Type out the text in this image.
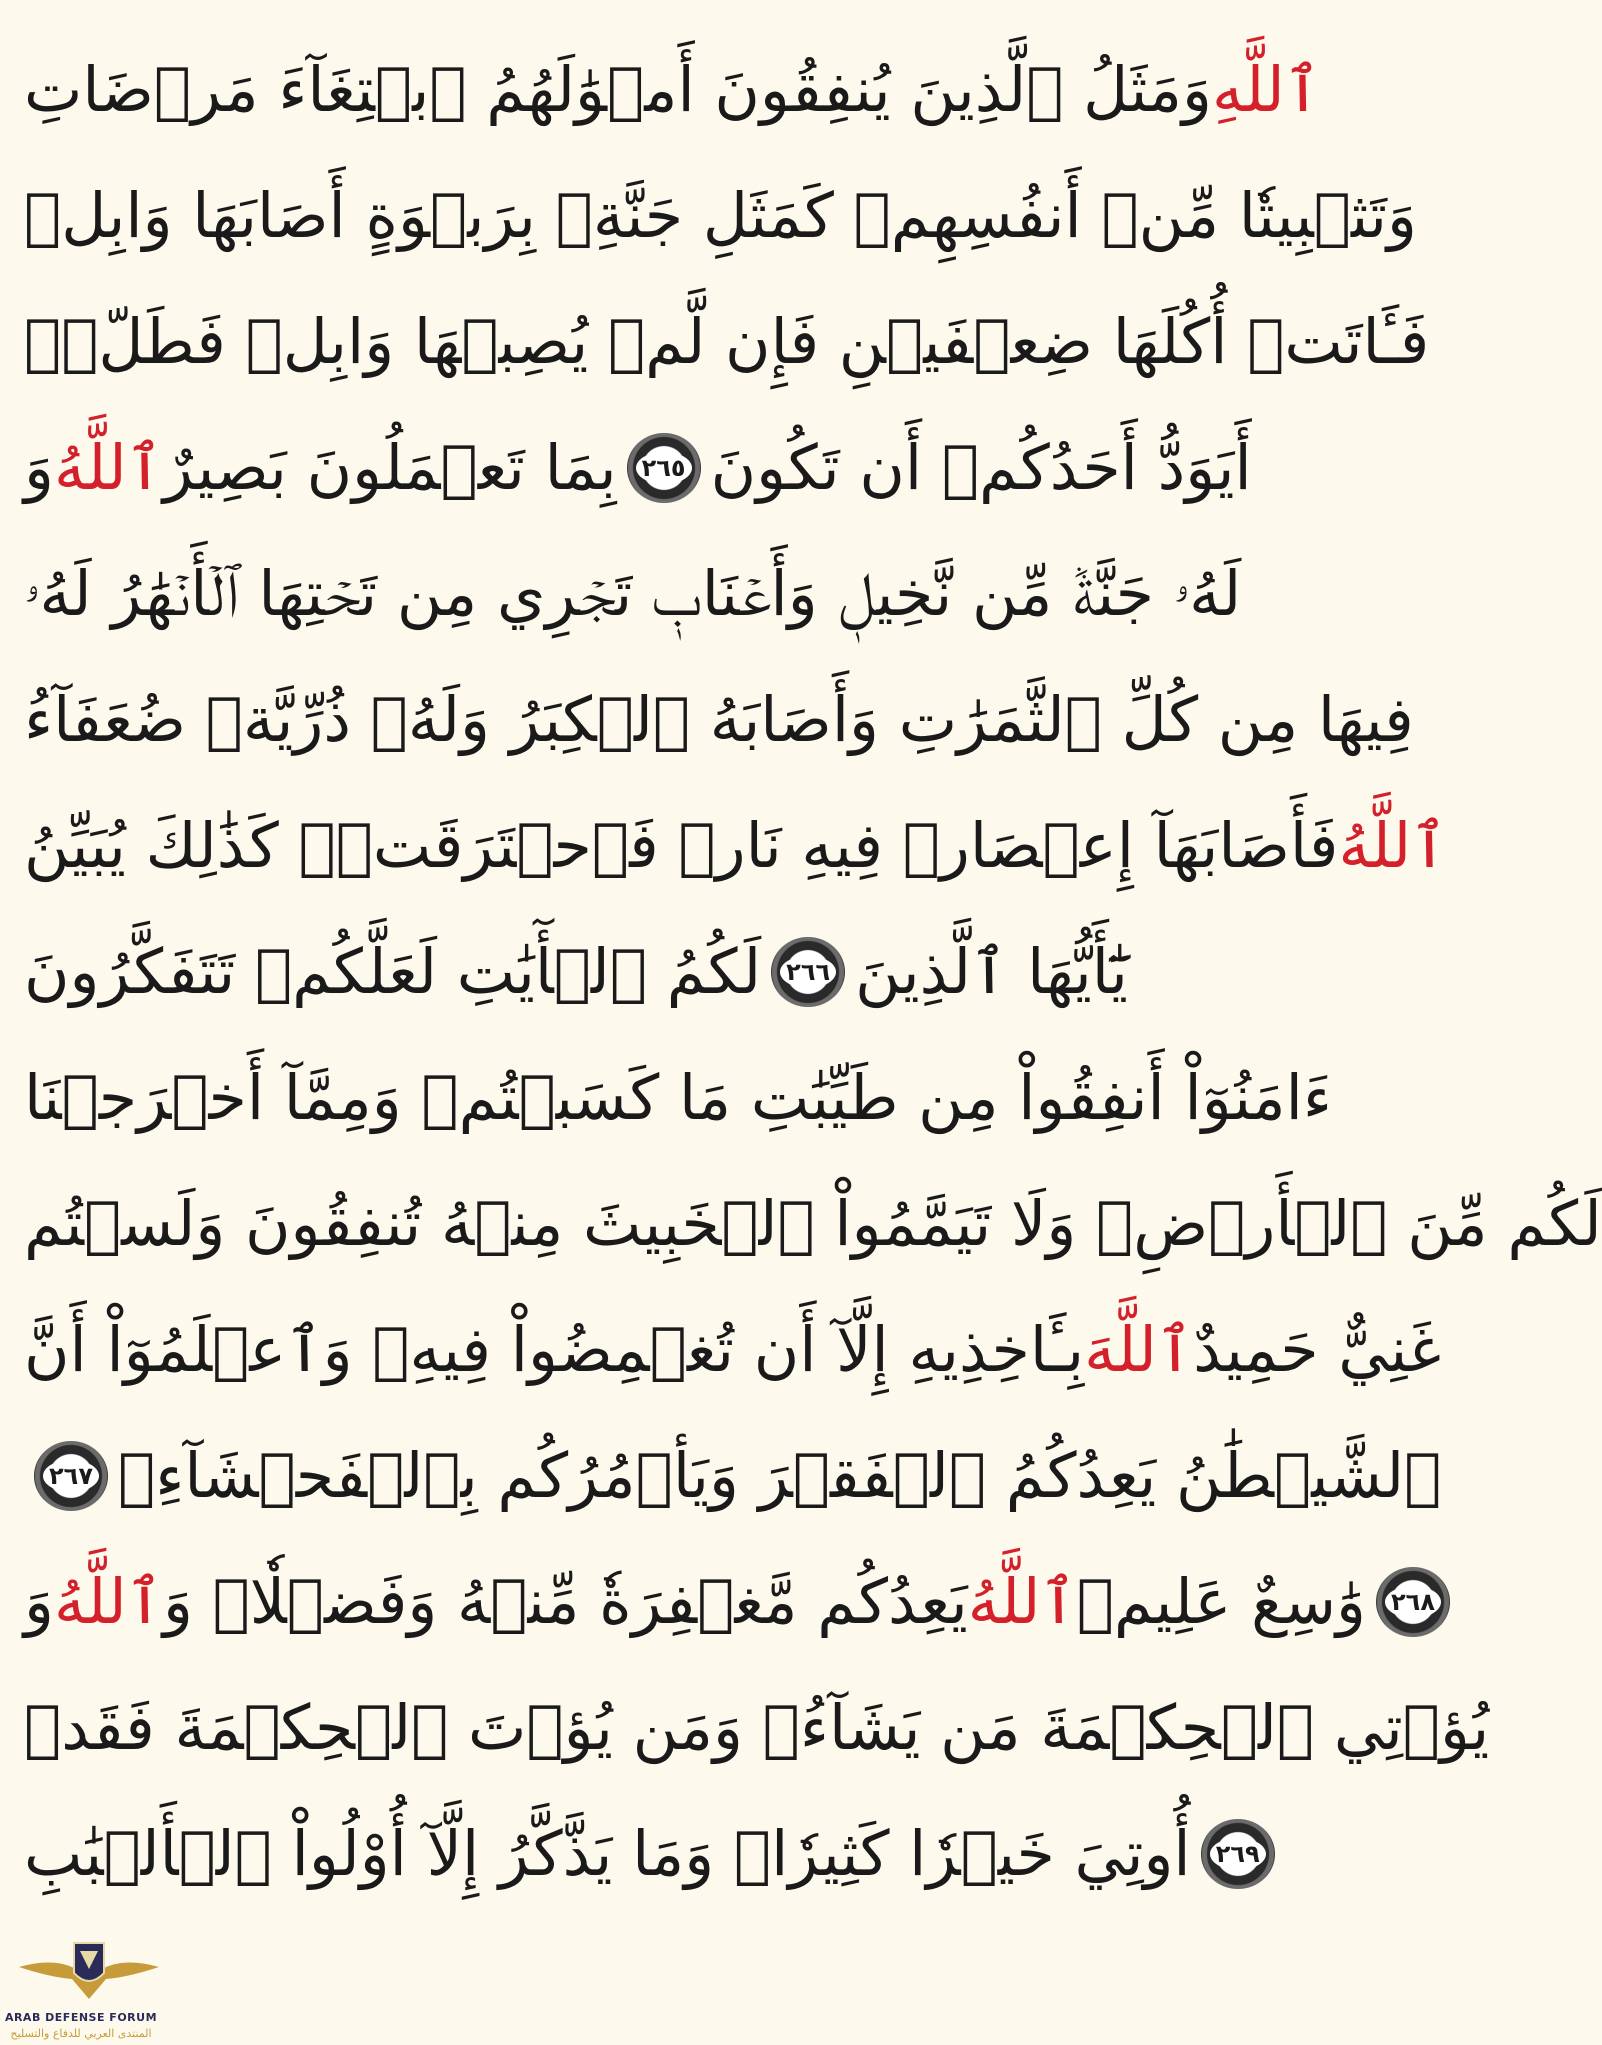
وَمَثَلُ ٱلَّذِينَ يُنفِقُونَ أَمۡوَٰلَهُمُ ٱبۡتِغَآءَ مَرۡضَاتِ ٱللَّهِ
وَتَثۡبِيتٗا مِّنۡ أَنفُسِهِمۡ كَمَثَلِ جَنَّةِۭ بِرَبۡوَةٍ أَصَابَهَا وَابِلٞ
فَـَٔاتَتۡ أُكُلَهَا ضِعۡفَيۡنِ فَإِن لَّمۡ يُصِبۡهَا وَابِلٞ فَطَلّٞۗ
وَ ٱللَّهُ بِمَا تَعۡمَلُونَ بَصِيرٌ ٢٦٥ أَيَوَدُّ أَحَدُكُمۡ أَن تَكُونَ
لَهُۥ جَنَّةٞ مِّن نَّخِيلٖ وَأَعۡنَابٖ تَجۡرِي مِن تَحۡتِهَا ٱلۡأَنۡهَٰرُ لَهُۥ
فِيهَا مِن كُلِّ ٱلثَّمَرَٰتِ وَأَصَابَهُ ٱلۡكِبَرُ وَلَهُۥ ذُرِّيَّةٞ ضُعَفَآءُ
فَأَصَابَهَآ إِعۡصَارٞ فِيهِ نَارٞ فَٱحۡتَرَقَتۡۗ كَذَٰلِكَ يُبَيِّنُ ٱللَّهُ
لَكُمُ ٱلۡأٓيَٰتِ لَعَلَّكُمۡ تَتَفَكَّرُونَ ٢٦٦ يَٰٓأَيُّهَا ٱلَّذِينَ
ءَامَنُوٓاْ أَنفِقُواْ مِن طَيِّبَٰتِ مَا كَسَبۡتُمۡ وَمِمَّآ أَخۡرَجۡنَا
لَكُم مِّنَ ٱلۡأَرۡضِۖ وَلَا تَيَمَّمُواْ ٱلۡخَبِيثَ مِنۡهُ تُنفِقُونَ وَلَسۡتُم
بِـَٔاخِذِيهِ إِلَّآ أَن تُغۡمِضُواْ فِيهِۚ وَٱعۡلَمُوٓاْ أَنَّ ٱللَّهَ غَنِيٌّ حَمِيدٌ
٢٦٧ ٱلشَّيۡطَٰنُ يَعِدُكُمُ ٱلۡفَقۡرَ وَيَأۡمُرُكُم بِٱلۡفَحۡشَآءِۖ
وَ ٱللَّهُ يَعِدُكُم مَّغۡفِرَةٗ مِّنۡهُ وَفَضۡلٗاۗ وَ ٱللَّهُ وَٰسِعٌ عَلِيمٞ ٢٦٨
يُؤۡتِي ٱلۡحِكۡمَةَ مَن يَشَآءُۚ وَمَن يُؤۡتَ ٱلۡحِكۡمَةَ فَقَدۡ
أُوتِيَ خَيۡرٗا كَثِيرٗاۗ وَمَا يَذَّكَّرُ إِلَّآ أُوْلُواْ ٱلۡأَلۡبَٰبِ ٢٦٩
ARAB DEFENSE FORUM
المنتدى العربي للدفاع والتسليح
